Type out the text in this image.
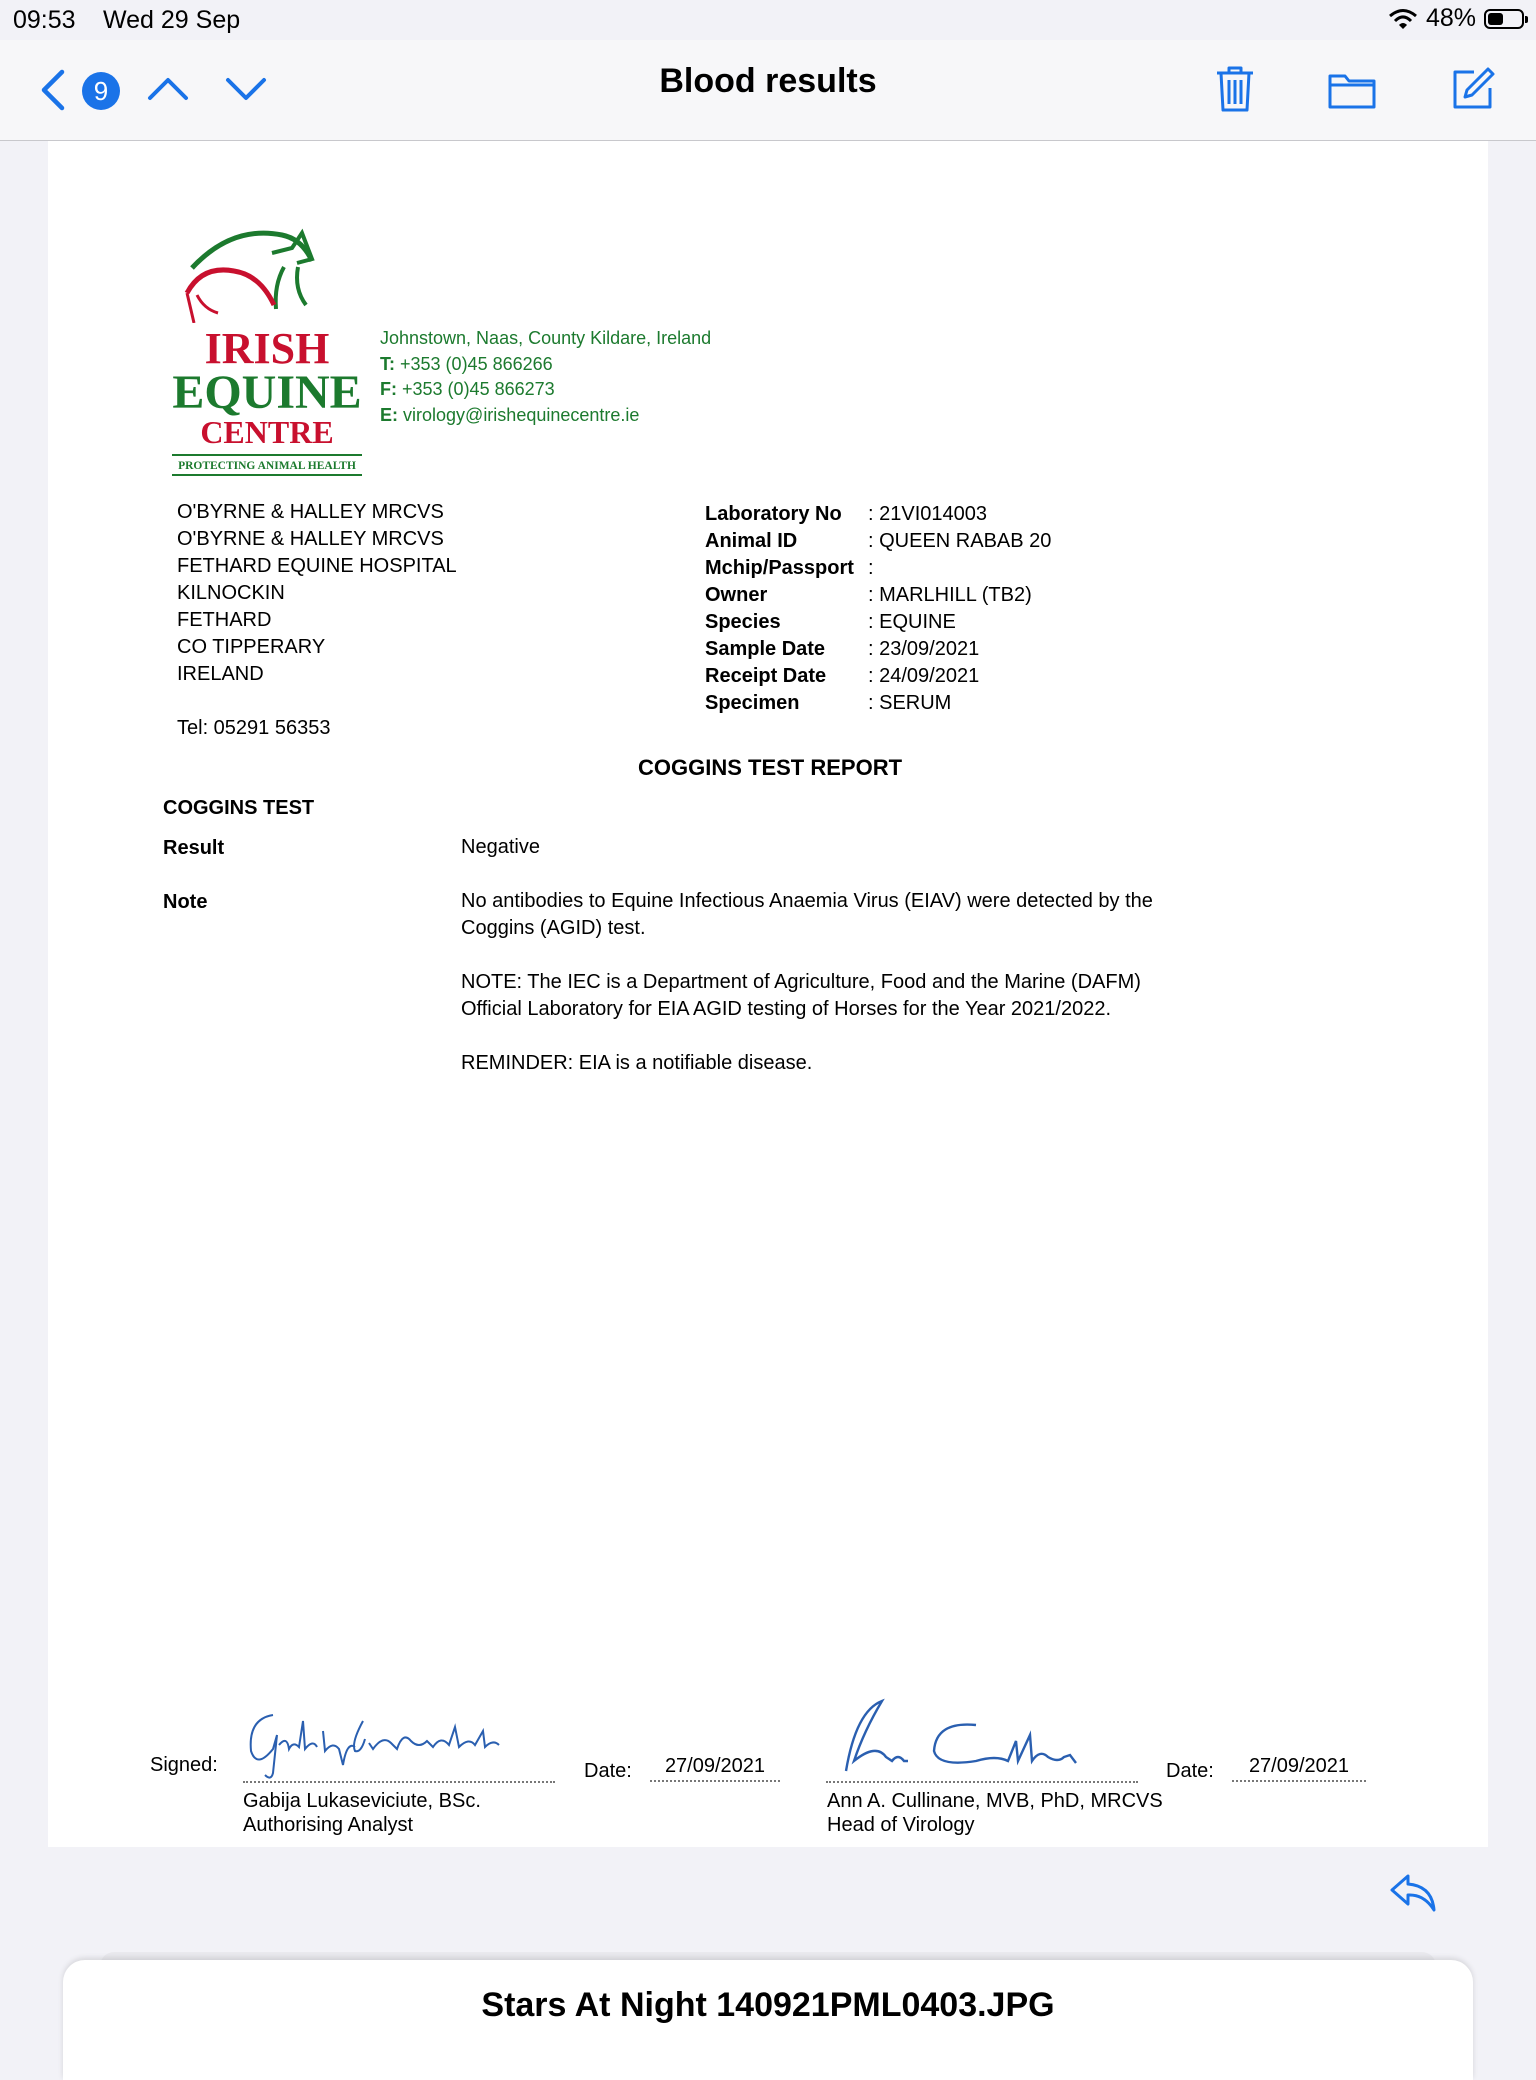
09:53 Wed 29 Sep	48%
9	Blood results
IRISH
EQUINE
CENTRE
PROTECTING ANIMAL HEALTH
Johnstown, Naas, County Kildare, Ireland
T: +353 (0)45 866266
F: +353 (0)45 866273
E: virology@irishequinecentre.ie
O'BYRNE & HALLEY MRCVS
O'BYRNE & HALLEY MRCVS
FETHARD EQUINE HOSPITAL
KILNOCKIN
FETHARD
CO TIPPERARY
IRELAND
Tel: 05291 56353
Laboratory No	: 21VI014003
Animal ID	: QUEEN RABAB 20
Mchip/Passport :
Owner	: MARLHILL (TB2)
Species	: EQUINE
Sample Date	: 23/09/2021
Receipt Date	: 24/09/2021
Specimen	: SERUM
COGGINS TEST REPORT
COGGINS TEST
Result	Negative
Note	No antibodies to Equine Infectious Anaemia Virus (EIAV) were detected by the Coggins (AGID) test.
NOTE: The IEC is a Department of Agriculture, Food and the Marine (DAFM) Official Laboratory for EIA AGID testing of Horses for the Year 2021/2022.
REMINDER: EIA is a notifiable disease.
Signed:
Gabija Lukaseviciute
Gabija Lukaseviciute, BSc.
Authorising Analyst
Date:	27/09/2021
Ann Cullinane
Ann A. Cullinane, MVB, PhD, MRCVS
Head of Virology
Date:	27/09/2021
Stars At Night 140921PML0403.JPG
